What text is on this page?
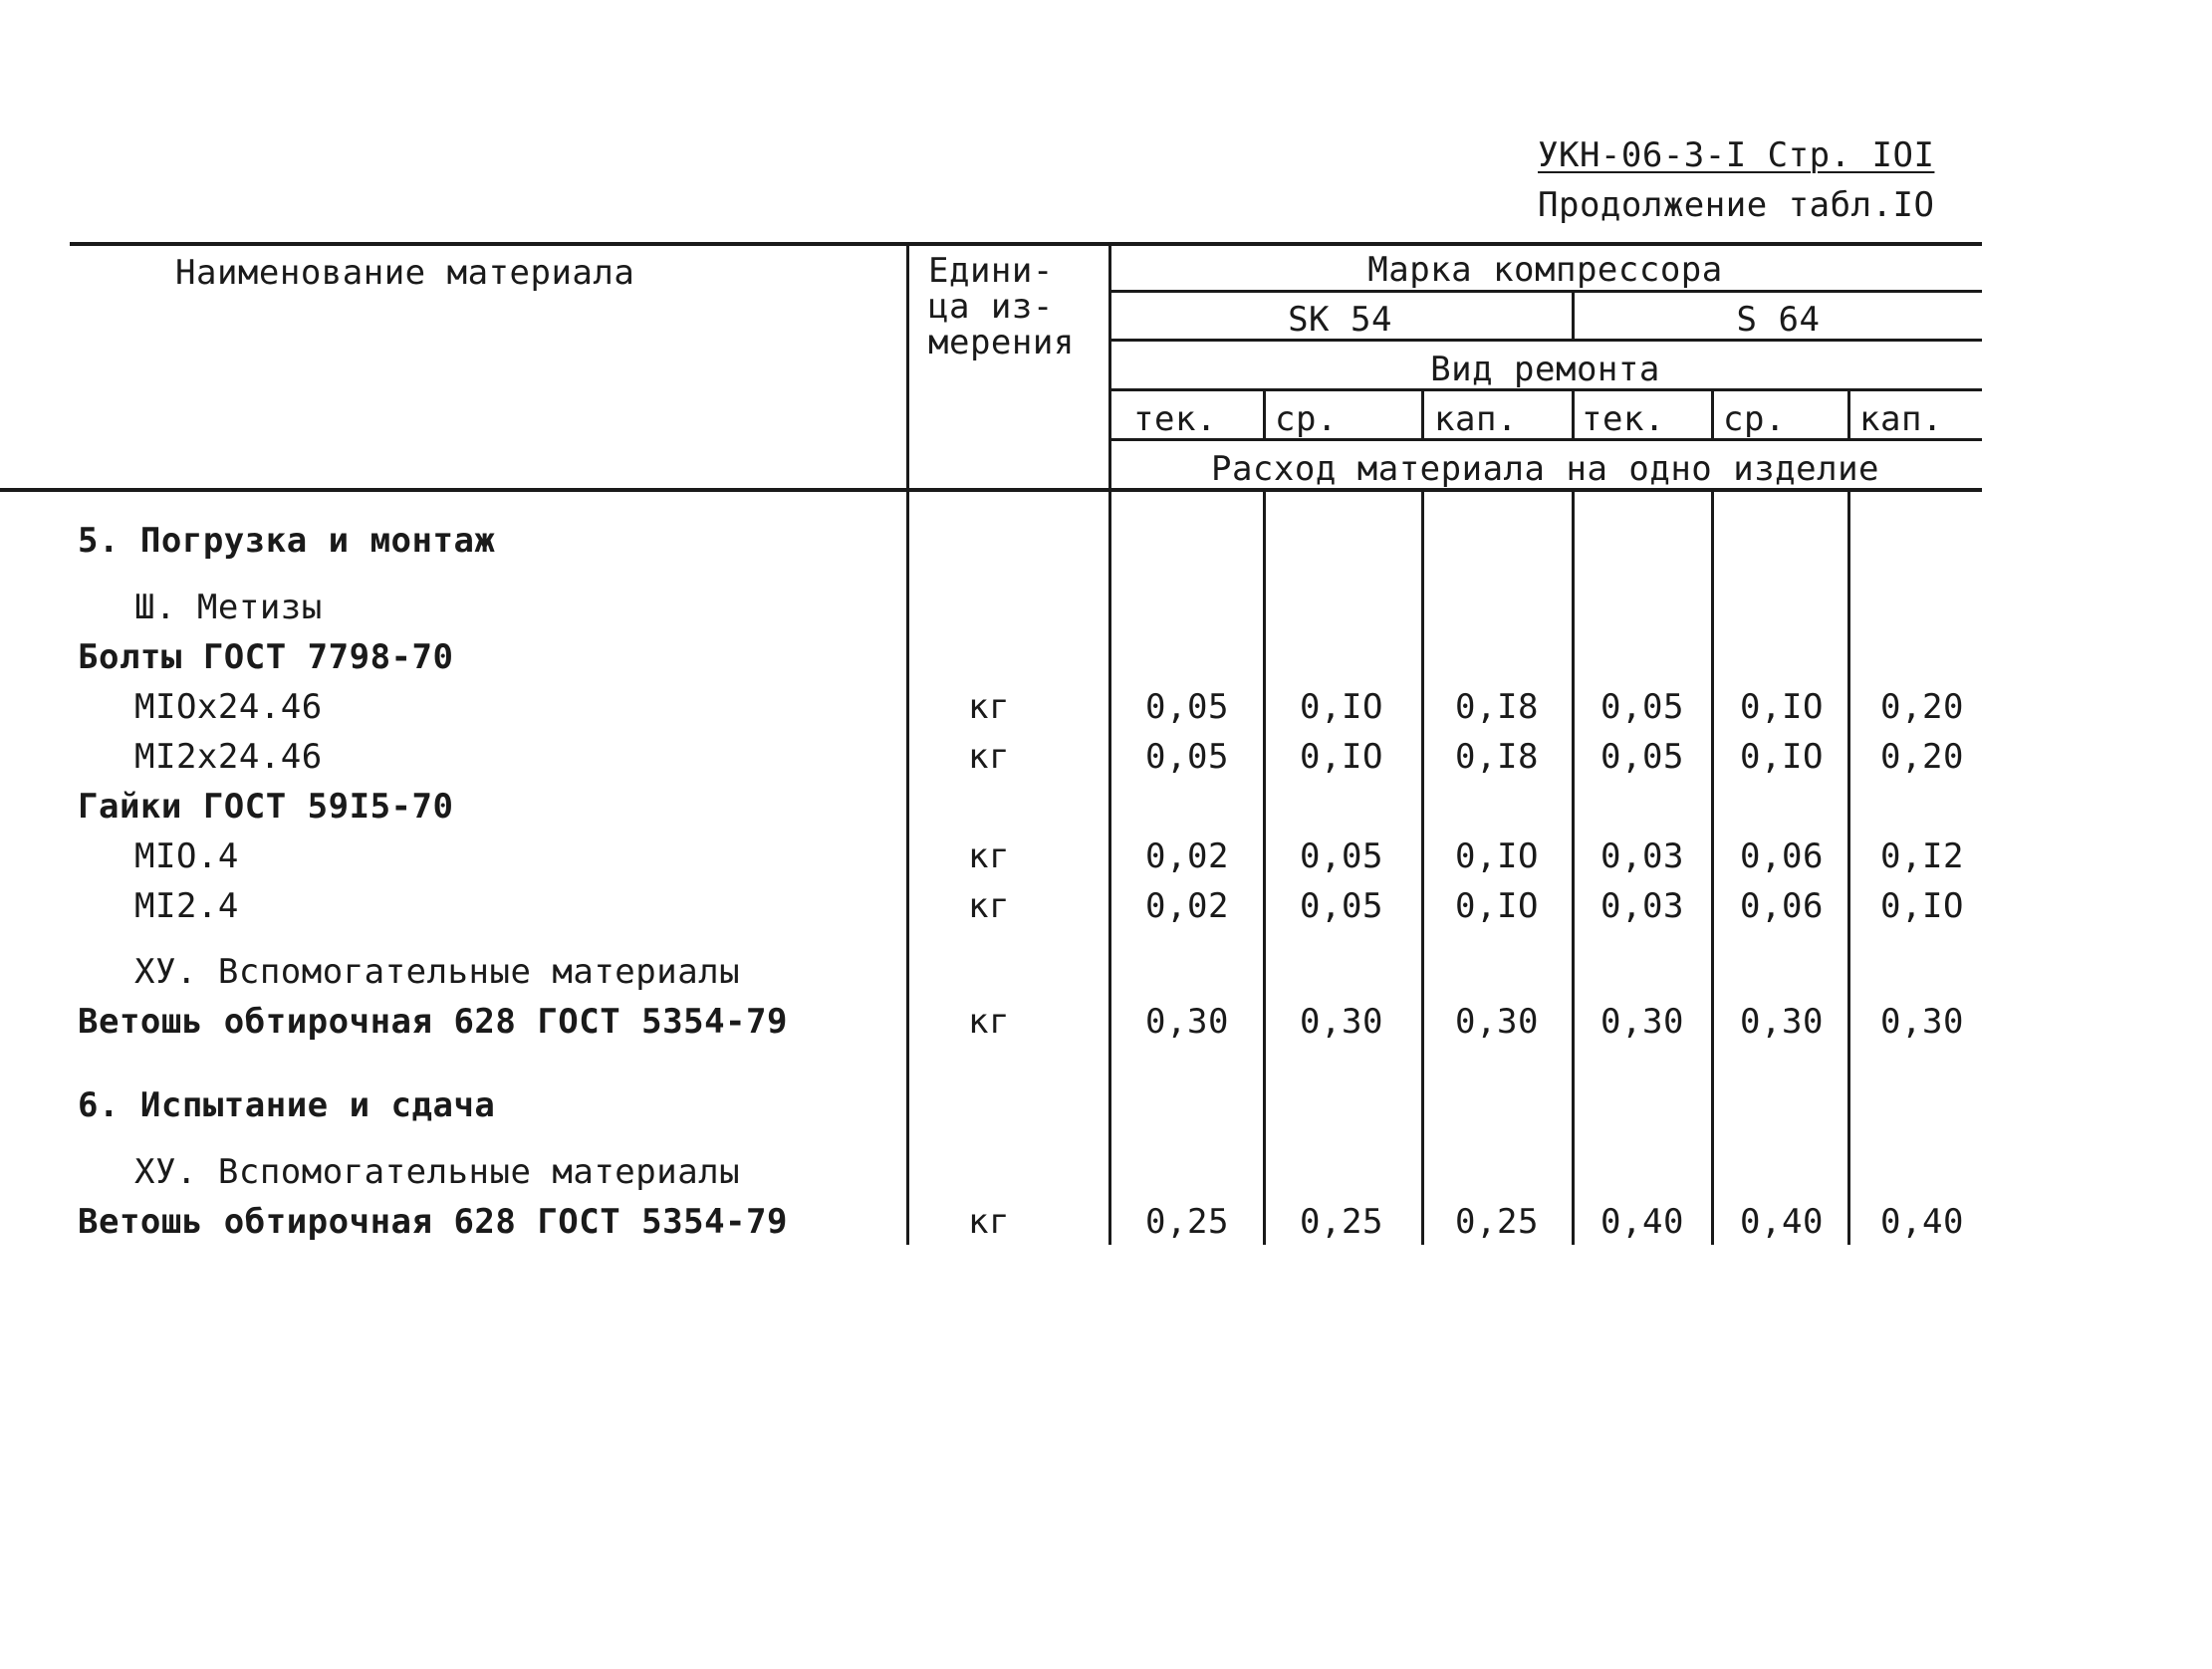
УКН-06-3-I Стр. IOI
Продолжение табл.IO
Наименование материала	Едини-
ца из-
мерения
Марка компрессора
SK 54	S 64
Вид ремонта
тек. ср.	кап. тек. ср. кап.
Расход материала на одно изделие
5. Погрузка и монтаж
Ш. Метизы
Болты ГОСТ 7798-70
МIOх24.46	кг	0,05	0,IO	0,I8	0,05	0,IO	0,20
МI2х24.46	кг	0,05	0,IO	0,I8	0,05	0,IO	0,20
Гайки ГОСТ 59I5-70
МIO.4	кг	0,02	0,05	0,IO	0,03	0,06	0,I2
МI2.4	кг	0,02	0,05	0,IO	0,03	0,06	0,IO
ХУ. Вспомогательные материалы
Ветошь обтирочная 628 ГОСТ 5354-79	кг	0,30	0,30	0,30	0,30	0,30	0,30
6. Испытание и сдача
ХУ. Вспомогательные материалы
Ветошь обтирочная 628 ГОСТ 5354-79	кг	0,25	0,25	0,25	0,40	0,40	0,40
